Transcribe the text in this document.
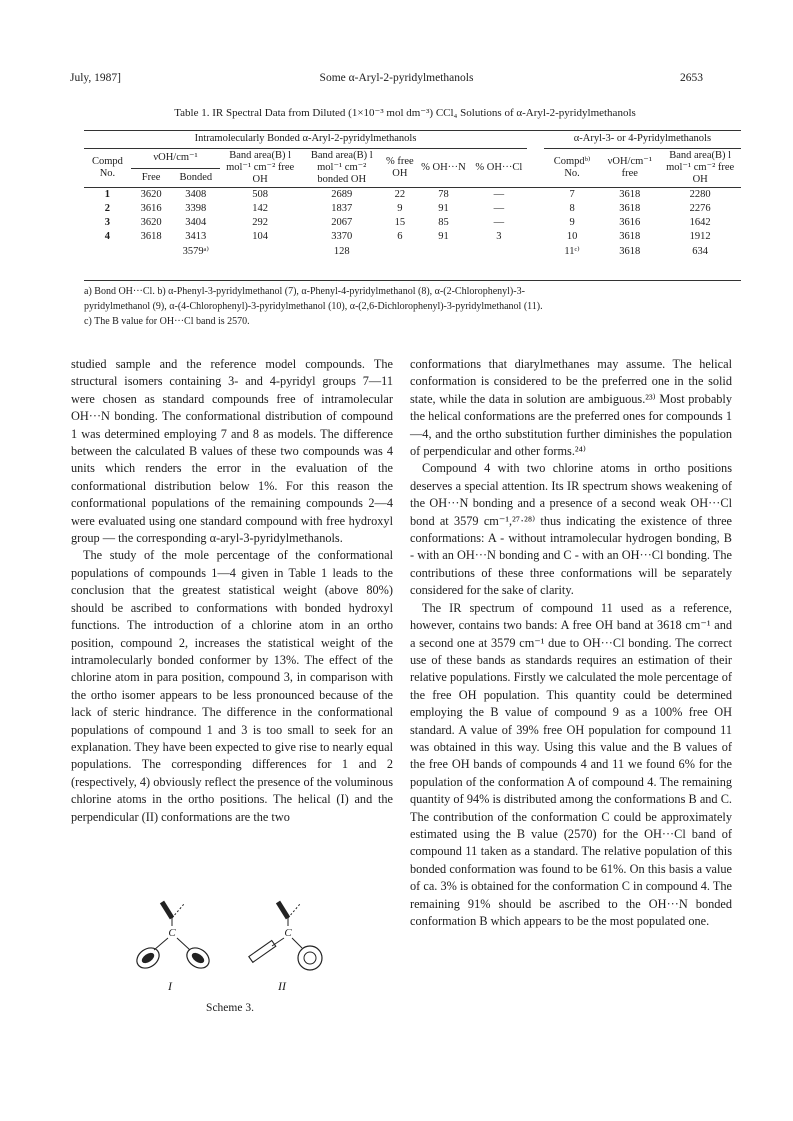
July, 1987]	Some α-Aryl-2-pyridylmethanols	2653
Table 1. IR Spectral Data from Diluted (1×10⁻³ mol dm⁻³) CCl₄ Solutions of α-Aryl-2-pyridylmethanols
Intramolecularly Bonded α-Aryl-2-pyridylmethanols									α-Aryl-3- or 4-Pyridylmethanols		
Compd No.	νOH/cm⁻¹		Band area(B) l mol⁻¹ cm⁻² free OH	Band area(B) l mol⁻¹ cm⁻² bonded OH	% free OH	% OH···N	% OH···Cl		Compdᵇ⁾ No.	νOH/cm⁻¹ free	Band area(B) l mol⁻¹ cm⁻² free OH
	Free	Bonded									
1	3620	3408	508	2689	22	78	—		7	3618	2280
2	3616	3398	142	1837	9	91	—		8	3618	2276
3	3620	3404	292	2067	15	85	—		9	3616	1642
4	3618	3413	104	3370	6	91	3		10	3618	1912
		3579ᵃ⁾		128					11ᶜ⁾	3618	634
a) Bond OH···Cl. b) α-Phenyl-3-pyridylmethanol (7), α-Phenyl-4-pyridylmethanol (8), α-(2-Chlorophenyl)-3-
pyridylmethanol (9), α-(4-Chlorophenyl)-3-pyridylmethanol (10), α-(2,6-Dichlorophenyl)-3-pyridylmethanol (11).
c) The B value for OH···Cl band is 2570.

studied sample and the reference model compounds. The structural isomers containing 3- and 4-pyridyl groups 7—11 were chosen as standard compounds free of intramolecular OH···N bonding. The conformational distribution of compound 1 was determined employing 7 and 8 as models. The difference between the calculated B values of these two compounds was 4 units which renders the error in the evaluation of the conformational distribution below 1%. For this reason the conformational populations of the remaining compounds 2—4 were evaluated using one standard compound with free hydroxyl group — the corresponding α-aryl-3-pyridylmethanols.

The study of the mole percentage of the conformational populations of compounds 1—4 given in Table 1 leads to the conclusion that the greatest statistical weight (above 80%) should be ascribed to conformations with bonded hydroxyl functions. The introduction of a chlorine atom in an ortho position, compound 2, increases the statistical weight of the intramolecularly bonded conformer by 13%. The effect of the chlorine atom in para position, compound 3, in comparison with the ortho isomer appears to be less pronounced because of the lack of steric hindrance. The difference in the conformational populations of compound 1 and 3 is too small to seek for an explanation. They have been expected to give rise to nearly equal populations. The corresponding differences for 1 and 2 (respectively, 4) obviously reflect the presence of the voluminous chlorine atoms in the ortho positions. The helical (I) and the perpendicular (II) conformations are the two

C	C
I	II
Scheme 3.

conformations that diarylmethanes may assume. The helical conformation is considered to be the preferred one in the solid state, while the data in solution are ambiguous.²³⁾ Most probably the helical conformations are the preferred ones for compounds 1—4, and the ortho substitution further diminishes the population of perpendicular and other forms.²⁴⁾

Compound 4 with two chlorine atoms in ortho positions deserves a special attention. Its IR spectrum shows weakening of the OH···N bonding and a presence of a second weak OH···Cl bond at 3579 cm⁻¹,²⁷·²⁸⁾ thus indicating the existence of three conformations: A - without intramolecular hydrogen bonding, B - with an OH···N bonding and C - with an OH···Cl bonding. The contributions of these three conformations will be separately considered for the sake of clarity.

The IR spectrum of compound 11 used as a reference, however, contains two bands: A free OH band at 3618 cm⁻¹ and a second one at 3579 cm⁻¹ due to OH···Cl bonding. The correct use of these bands as standards requires an estimation of their relative populations. Firstly we calculated the mole percentage of the free OH population. This quantity could be determined employing the B value of compound 9 as a 100% free OH standard. A value of 39% free OH population for compound 11 was obtained in this way. Using this value and the B values of the free OH bands of compounds 4 and 11 we found 6% for the population of the conformation A of compound 4. The remaining quantity of 94% is distributed among the conformations B and C. The contribution of the conformation C could be approximately estimated using the B value (2570) for the OH···Cl band of compound 11 taken as a standard. The relative population of this bonded conformation was found to be 61%. On this basis a value of ca. 3% is obtained for the conformation C in compound 4. The remaining 91% should be ascribed to the OH···N bonded conformation B which appears to be the most populated one.
